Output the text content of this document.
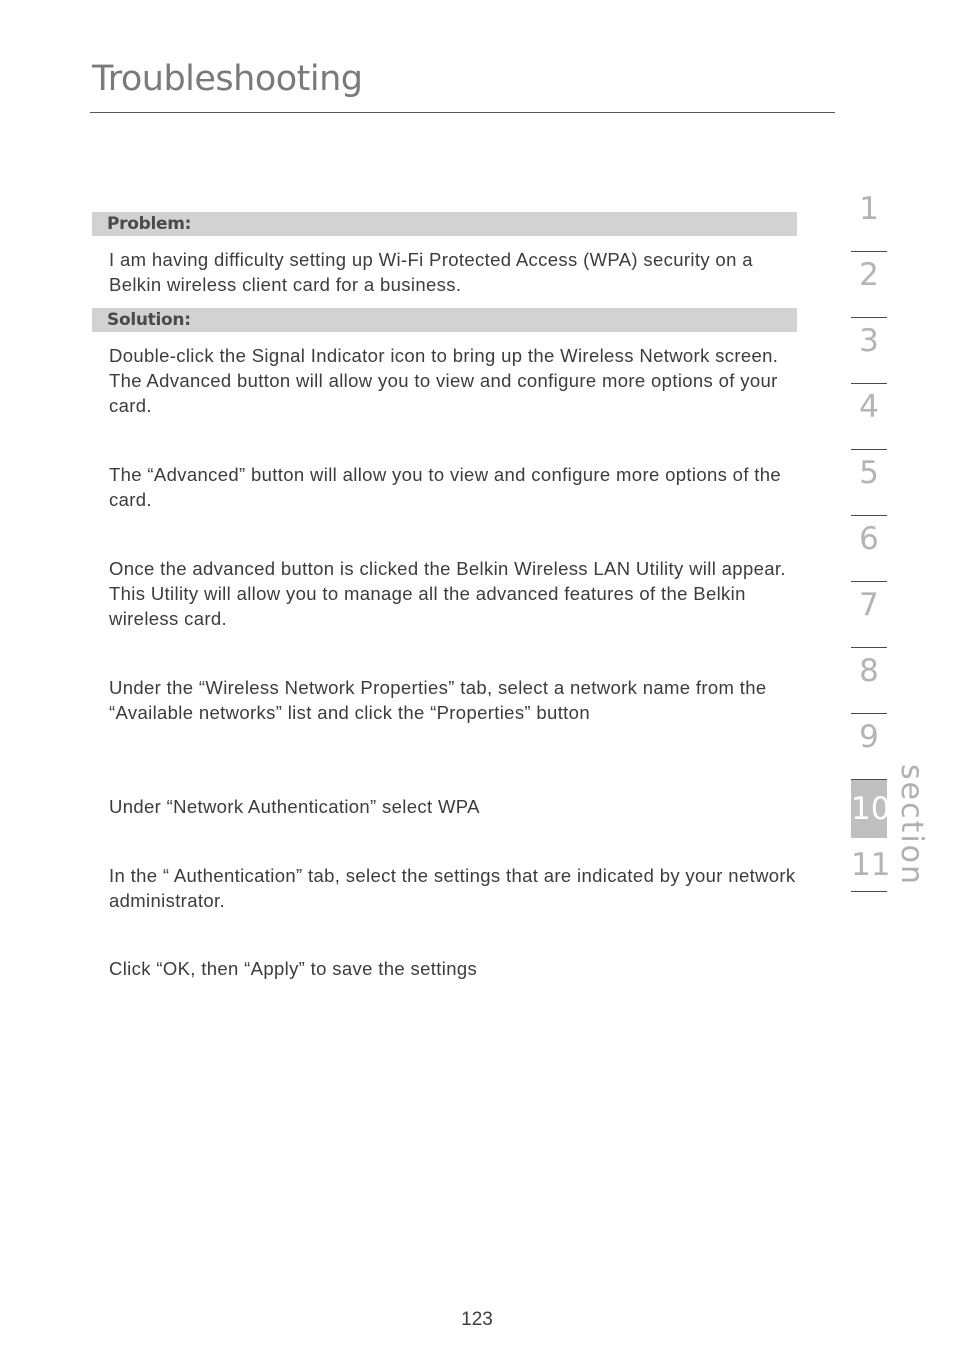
Troubleshooting
Problem:

I am having difficulty setting up Wi-Fi Protected Access (WPA) security on a Belkin wireless client card for a business.

Solution:

Double-click the Signal Indicator icon to bring up the Wireless Network screen. The Advanced button will allow you to view and configure more options of your card.

The “Advanced” button will allow you to view and configure more options of the card.

Once the advanced button is clicked the Belkin Wireless LAN Utility will appear. This Utility will allow you to manage all the advanced features of the Belkin wireless card.

Under the “Wireless Network Properties” tab, select a network name from the “Available networks” list and click the “Properties” button

Under “Network Authentication” select WPA

In the “ Authentication” tab, select the settings that are indicated by your network administrator.

Click “OK, then “Apply” to save the settings

1
2
3
4
5
6
7
8
9
10
11 section
123
